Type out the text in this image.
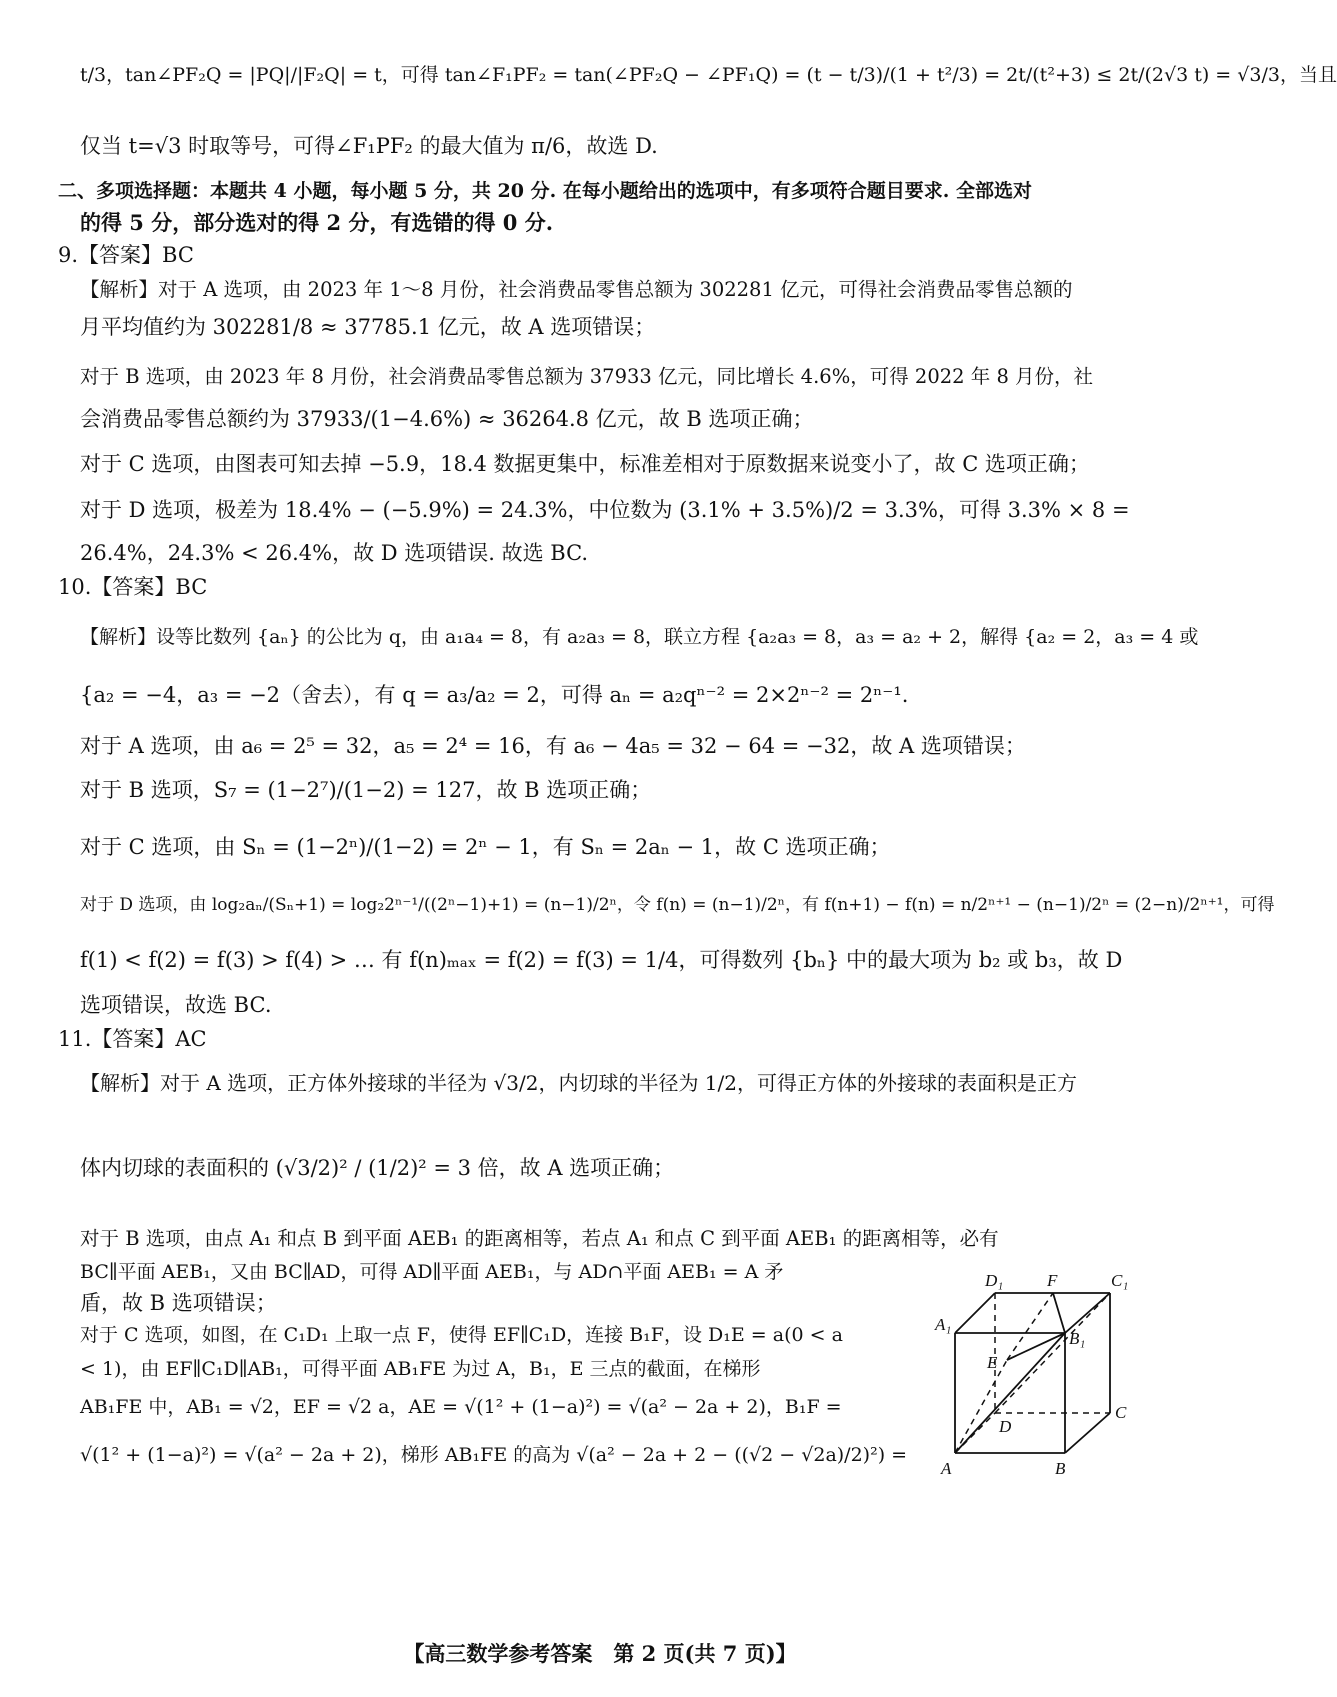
t/3，tan∠PF₂Q = |PQ|/|F₂Q| = t，可得 tan∠F₁PF₂ = tan(∠PF₂Q − ∠PF₁Q) = (t − t/3)/(1 + t²/3) = 2t/(t²+3) ≤ 2t/(2√3 t) = √3/3，当且
仅当 t=√3 时取等号，可得∠F₁PF₂ 的最大值为 π/6，故选 D.
二、多项选择题：本题共 4 小题，每小题 5 分，共 20 分. 在每小题给出的选项中，有多项符合题目要求. 全部选对
的得 5 分，部分选对的得 2 分，有选错的得 0 分.
9.【答案】BC
【解析】对于 A 选项，由 2023 年 1～8 月份，社会消费品零售总额为 302281 亿元，可得社会消费品零售总额的
月平均值约为 302281/8 ≈ 37785.1 亿元，故 A 选项错误；
对于 B 选项，由 2023 年 8 月份，社会消费品零售总额为 37933 亿元，同比增长 4.6%，可得 2022 年 8 月份，社
会消费品零售总额约为 37933/(1−4.6%) ≈ 36264.8 亿元，故 B 选项正确；
对于 C 选项，由图表可知去掉 −5.9，18.4 数据更集中，标准差相对于原数据来说变小了，故 C 选项正确；
对于 D 选项，极差为 18.4% − (−5.9%) = 24.3%，中位数为 (3.1% + 3.5%)/2 = 3.3%，可得 3.3% × 8 =
26.4%，24.3% < 26.4%，故 D 选项错误. 故选 BC.
10.【答案】BC
【解析】设等比数列 {aₙ} 的公比为 q，由 a₁a₄ = 8，有 a₂a₃ = 8，联立方程 {a₂a₃ = 8，a₃ = a₂ + 2，解得 {a₂ = 2，a₃ = 4 或
{a₂ = −4，a₃ = −2（舍去），有 q = a₃/a₂ = 2，可得 aₙ = a₂qⁿ⁻² = 2×2ⁿ⁻² = 2ⁿ⁻¹.
对于 A 选项，由 a₆ = 2⁵ = 32，a₅ = 2⁴ = 16，有 a₆ − 4a₅ = 32 − 64 = −32，故 A 选项错误；
对于 B 选项，S₇ = (1−2⁷)/(1−2) = 127，故 B 选项正确；
对于 C 选项，由 Sₙ = (1−2ⁿ)/(1−2) = 2ⁿ − 1，有 Sₙ = 2aₙ − 1，故 C 选项正确；
对于 D 选项，由 log₂aₙ/(Sₙ+1) = log₂2ⁿ⁻¹/((2ⁿ−1)+1) = (n−1)/2ⁿ，令 f(n) = (n−1)/2ⁿ，有 f(n+1) − f(n) = n/2ⁿ⁺¹ − (n−1)/2ⁿ = (2−n)/2ⁿ⁺¹，可得
f(1) < f(2) = f(3) > f(4) > … 有 f(n)ₘₐₓ = f(2) = f(3) = 1/4，可得数列 {bₙ} 中的最大项为 b₂ 或 b₃，故 D
选项错误，故选 BC.
11.【答案】AC
【解析】对于 A 选项，正方体外接球的半径为 √3/2，内切球的半径为 1/2，可得正方体的外接球的表面积是正方
体内切球的表面积的 (√3/2)² / (1/2)² = 3 倍，故 A 选项正确；
对于 B 选项，由点 A₁ 和点 B 到平面 AEB₁ 的距离相等，若点 A₁ 和点 C 到平面 AEB₁ 的距离相等，必有
BC∥平面 AEB₁，又由 BC∥AD，可得 AD∥平面 AEB₁，与 AD∩平面 AEB₁ = A 矛
盾，故 B 选项错误；
对于 C 选项，如图，在 C₁D₁ 上取一点 F，使得 EF∥C₁D，连接 B₁F，设 D₁E = a(0 < a
< 1)，由 EF∥C₁D∥AB₁，可得平面 AB₁FE 为过 A，B₁，E 三点的截面，在梯形
AB₁FE 中，AB₁ = √2，EF = √2 a，AE = √(1² + (1−a)²) = √(a² − 2a + 2)，B₁F =
√(1² + (1−a)²) = √(a² − 2a + 2)，梯形 AB₁FE 的高为 √(a² − 2a + 2 − ((√2 − √2a)/2)²) =
D₁	F	C₁
A₁
E
B₁
D
C
A	B
【高三数学参考答案　第 2 页(共 7 页)】
